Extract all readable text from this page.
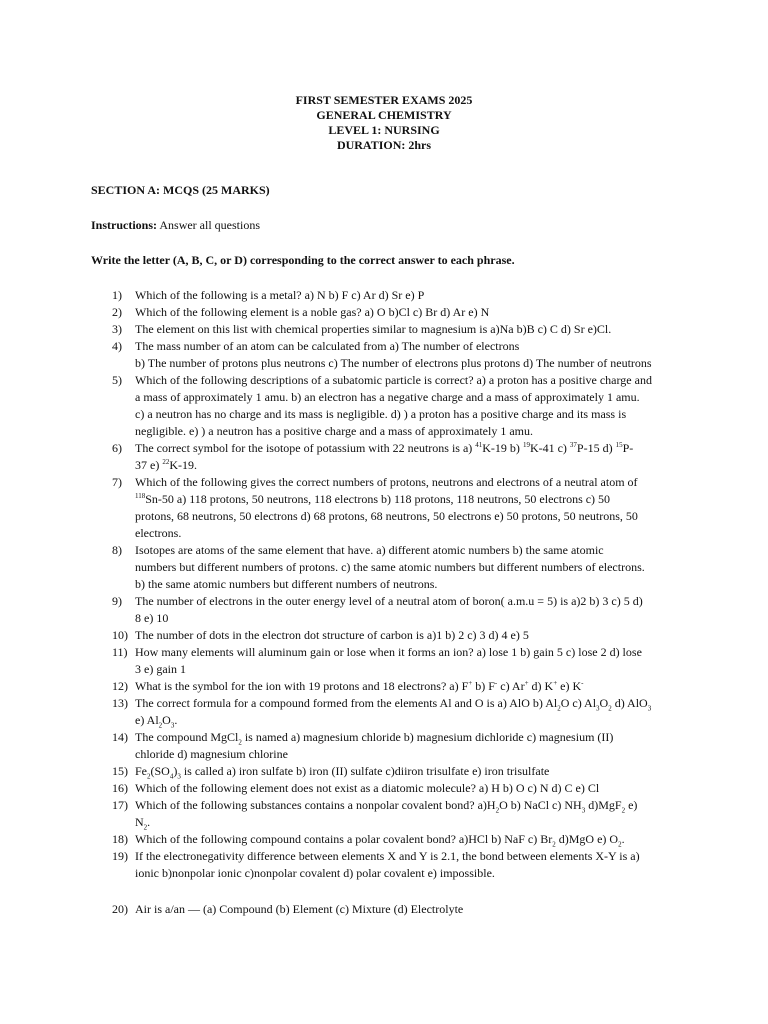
FIRST SEMESTER EXAMS 2025
GENERAL CHEMISTRY
LEVEL 1: NURSING
DURATION: 2hrs
SECTION A: MCQS (25 MARKS)
Instructions: Answer all questions
Write the letter (A, B, C, or D) corresponding to the correct answer to each phrase.
1)	Which of the following is a metal? a) N b) F c) Ar d) Sr e) P
2)	Which of the following element is a noble gas? a) O b)Cl c) Br d) Ar e) N
3)	The element on this list with chemical properties similar to magnesium is a)Na b)B c) C d) Sr e)Cl.
4)	The mass number of an atom can be calculated from a) The number of electrons
b) The number of protons plus neutrons c) The number of electrons plus protons d) The number of neutrons
5)	Which of the following descriptions of a subatomic particle is correct? a) a proton has a positive charge and
a mass of approximately 1 amu. b) an electron has a negative charge and a mass of approximately 1 amu.
c) a neutron has no charge and its mass is negligible. d) ) a proton has a positive charge and its mass is
negligible. e) ) a neutron has a positive charge and a mass of approximately 1 amu.
6)	The correct symbol for the isotope of potassium with 22 neutrons is a) $^{41}$K-19 b) $^{19}$K-41 c) $^{37}$P-15 d) $^{15}$P-
37 e) $^{22}$K-19.
7)	Which of the following gives the correct numbers of protons, neutrons and electrons of a neutral atom of
$^{118}$Sn-50 a) 118 protons, 50 neutrons, 118 electrons b) 118 protons, 118 neutrons, 50 electrons c) 50
protons, 68 neutrons, 50 electrons d) 68 protons, 68 neutrons, 50 electrons e) 50 protons, 50 neutrons, 50
electrons.
8)	Isotopes are atoms of the same element that have. a) different atomic numbers b) the same atomic
numbers but different numbers of protons. c) the same atomic numbers but different numbers of electrons.
b) the same atomic numbers but different numbers of neutrons.
9)	The number of electrons in the outer energy level of a neutral atom of boron( a.m.u = 5) is a)2 b) 3 c) 5 d)
8 e) 10
10) The number of dots in the electron dot structure of carbon is a)1 b) 2 c) 3 d) 4 e) 5
11) How many elements will aluminum gain or lose when it forms an ion? a) lose 1 b) gain 5 c) lose 2 d) lose
3 e) gain 1
12) What is the symbol for the ion with 19 protons and 18 electrons? a) F+ b) F- c) Ar+ d) K+ e) K-
13) The correct formula for a compound formed from the elements Al and O is a) AlO b) $Al_2O$ c) $Al_3O_2$ d) AlO$_3$
e) $Al_2O_3$.
14) The compound MgCl$_2$ is named a) magnesium chloride b) magnesium dichloride c) magnesium (II)
chloride d) magnesium chlorine
15) $Fe_2(SO_4)_3$ is called a) iron sulfate b) iron (II) sulfate c)diiron trisulfate e) iron trisulfate
16) Which of the following element does not exist as a diatomic molecule? a) H b) O c) N d) C e) Cl
17) Which of the following substances contains a nonpolar covalent bond? $a)H_2O$ b) NaCl c) $NH_3$ d)MgF$_2$ e)
$N_2$.
18) Which of the following compound contains a polar covalent bond? a)HCl b) NaF c) $Br_2$ d)MgO e) $O_2$.
19) If the electronegativity difference between elements X and Y is 2.1, the bond between elements X-Y is a)
ionic b)nonpolar ionic c)nonpolar covalent d) polar covalent e) impossible.
20) Air is a/an — (a) Compound (b) Element (c) Mixture (d) Electrolyte
